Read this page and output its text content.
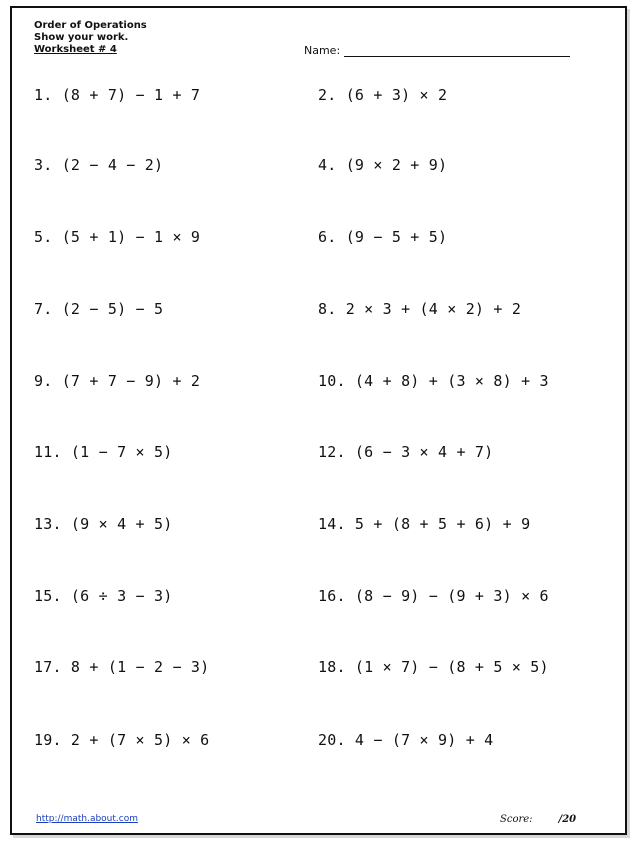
Order of Operations
Show your work.
Worksheet # 4	Name:
1. (8 + 7) − 1 + 7	2. (6 + 3) × 2
3. (2 − 4 − 2)	4. (9 × 2 + 9)
5. (5 + 1) − 1 × 9	6. (9 − 5 + 5)
7. (2 − 5) − 5	8. 2 × 3 + (4 × 2) + 2
9. (7 + 7 − 9) + 2	10. (4 + 8) + (3 × 8) + 3
11. (1 − 7 × 5)	12. (6 − 3 × 4 + 7)
13. (9 × 4 + 5)	14. 5 + (8 + 5 + 6) + 9
15. (6 ÷ 3 − 3)	16. (8 − 9) − (9 + 3) × 6
17. 8 + (1 − 2 − 3)	18. (1 × 7) − (8 + 5 × 5)
19. 2 + (7 × 5) × 6	20. 4 − (7 × 9) + 4
http://math.about.com	Score:	/20
